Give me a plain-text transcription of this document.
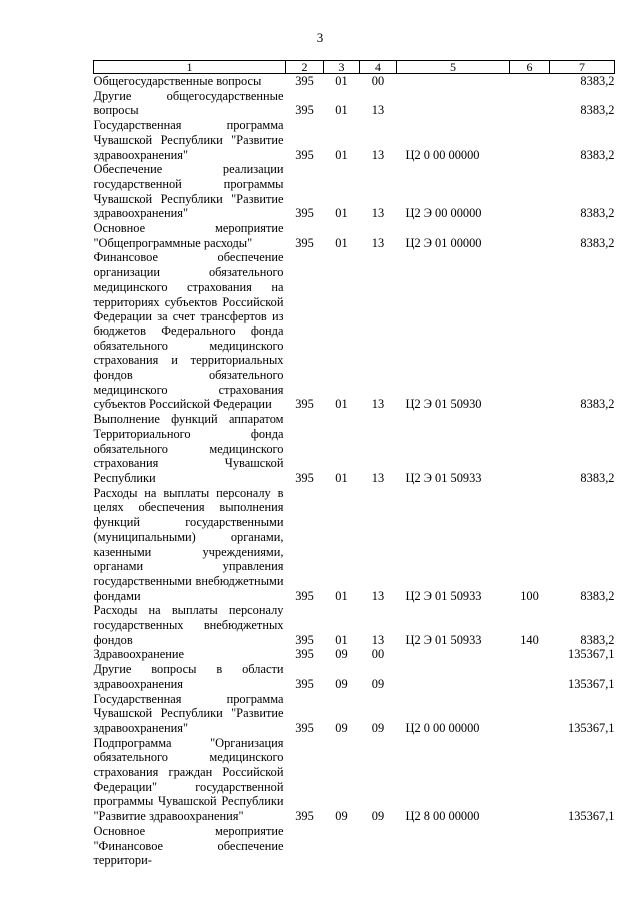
3
1	2	3	4	5	6	7
Общегосударственные вопросы	395	01	00			8383,2
Другие общегосударственные вопросы	395	01	13			8383,2
Государственная программа Чувашской Республики "Развитие здравоохранения"	395	01	13	Ц2 0 00 00000		8383,2
Обеспечение реализации государственной программы Чувашской Республики "Развитие здравоохранения"	395	01	13	Ц2 Э 00 00000		8383,2
Основное мероприятие "Общепрограммные расходы"	395	01	13	Ц2 Э 01 00000		8383,2
Финансовое обеспечение организации обязательного медицинского страхования на территориях субъектов Российской Федерации за счет трансфертов из бюджетов Федерального фонда обязательного медицинского страхования и территориальных фондов обязательного медицинского страхования субъектов Российской Федерации	395	01	13	Ц2 Э 01 50930		8383,2
Выполнение функций аппаратом Территориального фонда обязательного медицинского страхования Чувашской Республики	395	01	13	Ц2 Э 01 50933		8383,2
Расходы на выплаты персоналу в целях обеспечения выполнения функций государственными (муниципальными) органами, казенными учреждениями, органами управления государственными внебюджетными фондами	395	01	13	Ц2 Э 01 50933	100	8383,2
Расходы на выплаты персоналу государственных внебюджетных фондов	395	01	13	Ц2 Э 01 50933	140	8383,2
Здравоохранение	395	09	00			135367,1
Другие вопросы в области здравоохранения	395	09	09			135367,1
Государственная программа Чувашской Республики "Развитие здравоохранения"	395	09	09	Ц2 0 00 00000		135367,1
Подпрограмма "Организация обязательного медицинского страхования граждан Российской Федерации" государственной программы Чувашской Республики "Развитие здравоохранения"	395	09	09	Ц2 8 00 00000		135367,1
Основное мероприятие "Финансовое обеспечение территори-						
